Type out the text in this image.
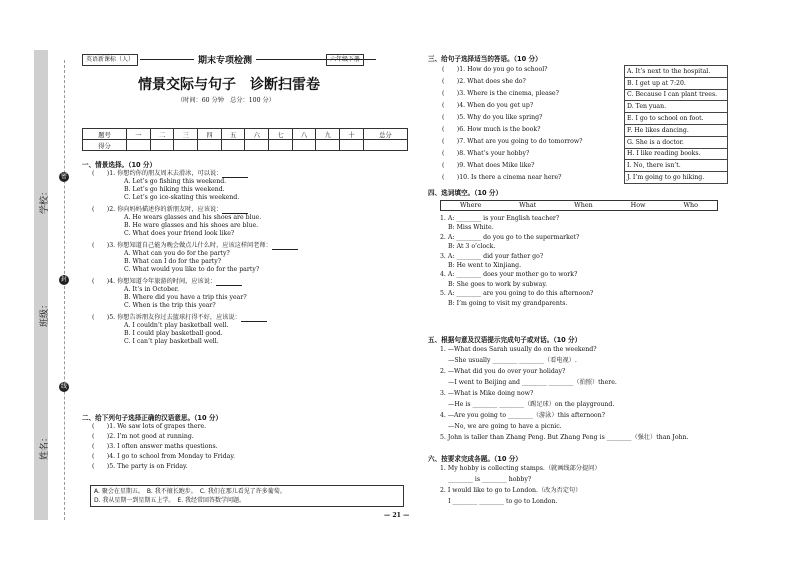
密
封
线
学校：
班级：
姓名：
英语新课标（人）	期末专项检测	六年级下册
情景交际与句子　诊断扫雷卷
（时间：60 分钟　总分：100 分）
题号	一	二	三	四	五	六	七	八	九	十	总分
得分											
一、情景选择。（10 分）
(　　)1. 你想约你的朋友周末去滑冰，可以说：
A. Let’s go fishing this weekend.
B. Let’s go hiking this weekend.
C. Let’s go ice-skating this weekend.
(　　)2. 你向妈妈描述你的新朋友时，应该说：
A. He wears glasses and his shoes are blue.
B. He ware glasses and his shoes are blue.
C. What does your friend look like?
(　　)3. 你想知道自己能为晚会做点儿什么时，应该这样问老师：
A. What can you do for the party?
B. What can I do for the party?
C. What would you like to do for the party?
(　　)4. 你想知道今年旅游的时间，应该说：
A. It’s in October.
B. Where did you have a trip this year?
C. When is the trip this year?
(　　)5. 你想告诉朋友你过去篮球打得不好，应该说：
A. I couldn’t play basketball well.
B. I could play basketball good.
C. I can’t play basketball well.
二、给下列句子选择正确的汉语意思。（10 分）
(　　)1. We saw lots of grapes there.
(　　)2. I’m not good at running.
(　　)3. I often answer maths questions.
(　　)4. I go to school from Monday to Friday.
(　　)5. The party is on Friday.
A. 聚会在星期五。　B. 我不擅长跑步。　C. 我们在那儿看见了许多葡萄。
D. 我从星期一到星期五上学。　E. 我经常回答数学问题。
三、给句子选择适当的答语。（10 分）
(　　)1. How do you go to school?
(　　)2. What does she do?
(　　)3. Where is the cinema, please?
(　　)4. When do you get up?
(　　)5. Why do you like spring?
(　　)6. How much is the book?
(　　)7. What are you going to do tomorrow?
(　　)8. What’s your hobby?
(　　)9. What does Mike like?
(　　)10. Is there a cinema near here?
A. It’s next to the hospital.
B. I get up at 7:20.
C. Because I can plant trees.
D. Ten yuan.
E. I go to school on foot.
F. He likes dancing.
G. She is a doctor.
H. I like reading books.
I. No, there isn’t.
J. I’m going to go hiking.
四、选词填空。（10 分）
Where	What	When	How	Who
1. A: ________ is your English teacher?
B: Miss White.
2. A: ________ do you go to the supermarket?
B: At 3 o’clock.
3. A: ________ did your father go?
B: He went to Xinjiang.
4. A: ________ does your mother go to work?
B: She goes to work by subway.
5. A: ________ are you going to do this afternoon?
B: I’m going to visit my grandparents.
五、根据句意及汉语提示完成句子或对话。（10 分）
1. —What does Sarah usually do on the weekend?
　 —She usually ________ ________（看电视）.
2. —What did you do over your holiday?
　 —I went to Beijing and ________ ________（拍照）there.
3. —What is Mike doing now?
　 —He is ________ ________（踢足球）on the playground.
4. —Are you going to ________（游泳）this afternoon?
　 —No, we are going to have a picnic.
5. John is taller than Zhang Peng. But Zhang Peng is ________（强壮）than John.
六、按要求完成各题。（10 分）
1. My hobby is collecting stamps.（就画线部分提问）
　 ________ is ________ hobby?
2. I would like to go to London.（改为否定句）
　 I ________ ________ to go to London.
— 21 —
